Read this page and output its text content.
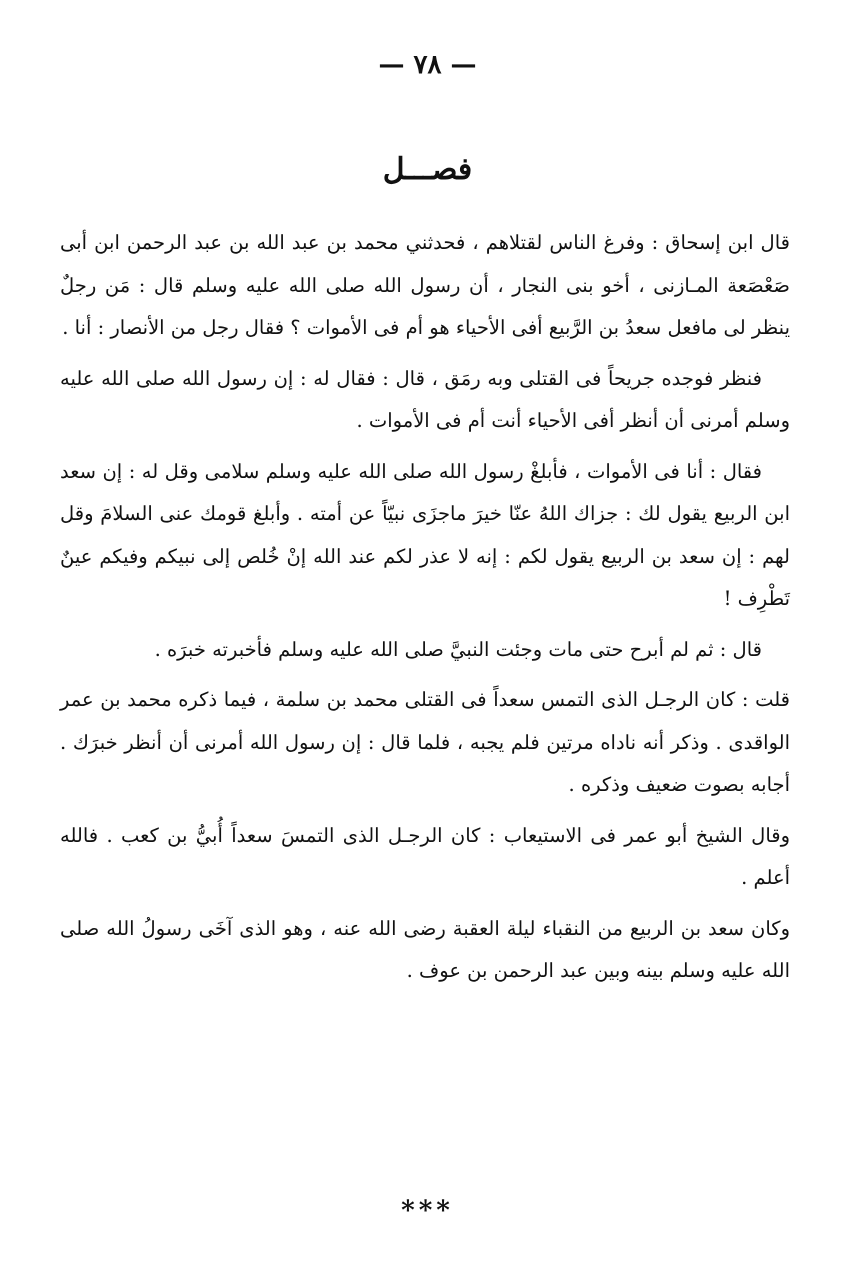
— ٧٨ —
فصـــل

قال ابن إسحاق : وفرغ الناس لقتلاهم ، فحدثني محمد بن عبد الله بن عبد الرحمن ابن أبى صَعْصَعة المـازنى ، أخو بنى النجار ، أن رسول الله صلى الله عليه وسلم قال : مَن رجلٌ ينظر لى مافعل سعدُ بن الرَّبيع أفى الأحياء هو أم فى الأموات ؟ فقال رجل من الأنصار : أنا .

فنظر فوجده جريحاً فى القتلى وبه رمَق ، قال : فقال له : إن رسول الله صلى الله عليه وسلم أمرنى أن أنظر أفى الأحياء أنت أم فى الأموات .

فقال : أنا فى الأموات ، فأبلغْ رسول الله صلى الله عليه وسلم سلامى وقل له : إن سعد ابن الربيع يقول لك : جزاك اللهُ عنّا خيرَ ماجزَى نبيّاً عن أمته . وأبلغ قومك عنى السلامَ وقل لهم : إن سعد بن الربيع يقول لكم : إنه لا عذر لكم عند الله إنْ خُلص إلى نبيكم وفيكم عينٌ تَطْرِف !

قال : ثم لم أبرح حتى مات وجئت النبيَّ صلى الله عليه وسلم فأخبرته خبرَه .

قلت : كان الرجـل الذى التمس سعداً فى القتلى محمد بن سلمة ، فيما ذكره محمد بن عمر الواقدى . وذكر أنه ناداه مرتين فلم يجبه ، فلما قال : إن رسول الله أمرنى أن أنظر خبرَك . أجابه بصوت ضعيف وذكره .

وقال الشيخ أبو عمر فى الاستيعاب : كان الرجـل الذى التمسَ سعداً أُبيُّ بن كعب . فالله أعلم .

وكان سعد بن الربيع من النقباء ليلة العقبة رضى الله عنه ، وهو الذى آخَى رسولُ الله صلى الله عليه وسلم بينه وبين عبد الرحمن بن عوف .

***
